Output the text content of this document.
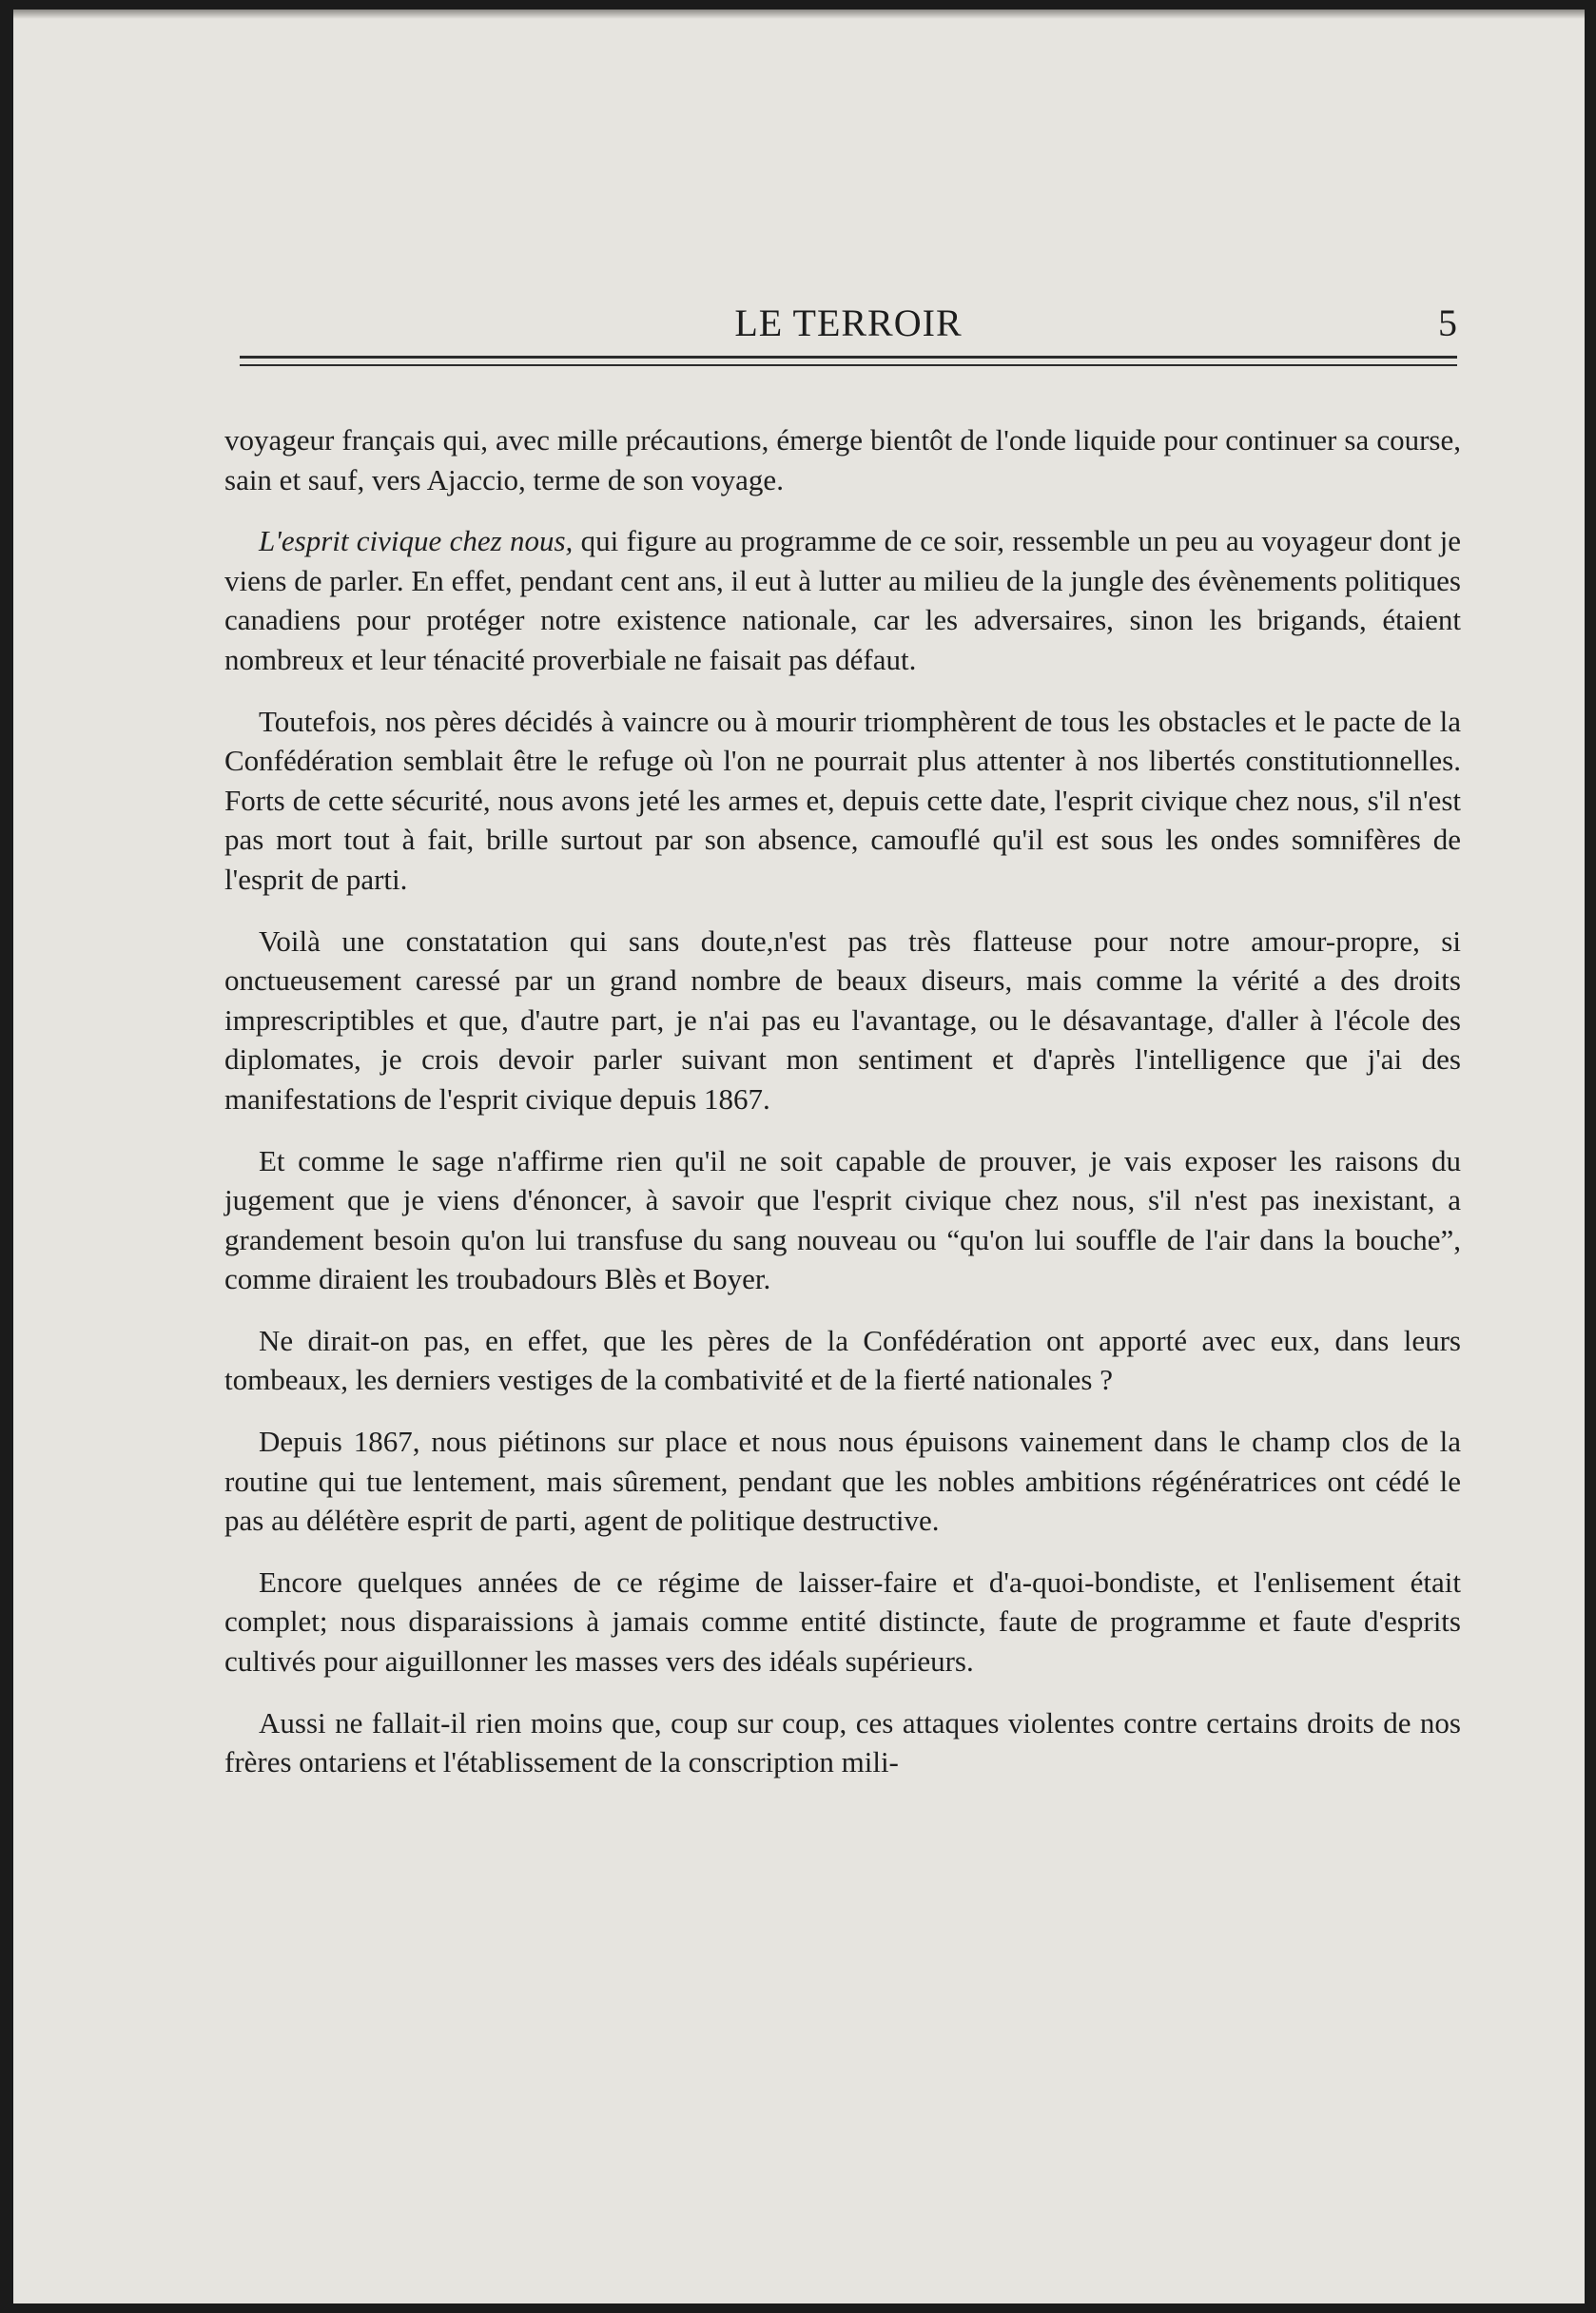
LE TERROIR	5

voyageur français qui, avec mille précautions, émerge bientôt de l'onde liquide pour continuer sa course, sain et sauf, vers Ajaccio, terme de son voyage.

L'esprit civique chez nous, qui figure au programme de ce soir, ressemble un peu au voyageur dont je viens de parler. En effet, pendant cent ans, il eut à lutter au milieu de la jungle des évènements politiques canadiens pour protéger notre existence nationale, car les adversaires, sinon les brigands, étaient nombreux et leur ténacité proverbiale ne faisait pas défaut.

Toutefois, nos pères décidés à vaincre ou à mourir triomphèrent de tous les obstacles et le pacte de la Confédération semblait être le refuge où l'on ne pourrait plus attenter à nos libertés constitutionnelles. Forts de cette sécurité, nous avons jeté les armes et, depuis cette date, l'esprit civique chez nous, s'il n'est pas mort tout à fait, brille surtout par son absence, camouflé qu'il est sous les ondes somnifères de l'esprit de parti.

Voilà une constatation qui sans doute,n'est pas très flatteuse pour notre amour-propre, si onctueusement caressé par un grand nombre de beaux diseurs, mais comme la vérité a des droits imprescriptibles et que, d'autre part, je n'ai pas eu l'avantage, ou le désavantage, d'aller à l'école des diplomates, je crois devoir parler suivant mon sentiment et d'après l'intelligence que j'ai des manifestations de l'esprit civique depuis 1867.

Et comme le sage n'affirme rien qu'il ne soit capable de prouver, je vais exposer les raisons du jugement que je viens d'énoncer, à savoir que l'esprit civique chez nous, s'il n'est pas inexistant, a grandement besoin qu'on lui transfuse du sang nouveau ou “qu'on lui souffle de l'air dans la bouche”, comme diraient les troubadours Blès et Boyer.

Ne dirait-on pas, en effet, que les pères de la Confédération ont apporté avec eux, dans leurs tombeaux, les derniers vestiges de la combativité et de la fierté nationales ?

Depuis 1867, nous piétinons sur place et nous nous épuisons vainement dans le champ clos de la routine qui tue lentement, mais sûrement, pendant que les nobles ambitions régénératrices ont cédé le pas au délétère esprit de parti, agent de politique destructive.

Encore quelques années de ce régime de laisser-faire et d'a-quoi-bondiste, et l'enlisement était complet; nous disparaissions à jamais comme entité distincte, faute de programme et faute d'esprits cultivés pour aiguillonner les masses vers des idéals supérieurs.

Aussi ne fallait-il rien moins que, coup sur coup, ces attaques violentes contre certains droits de nos frères ontariens et l'établissement de la conscription mili-
